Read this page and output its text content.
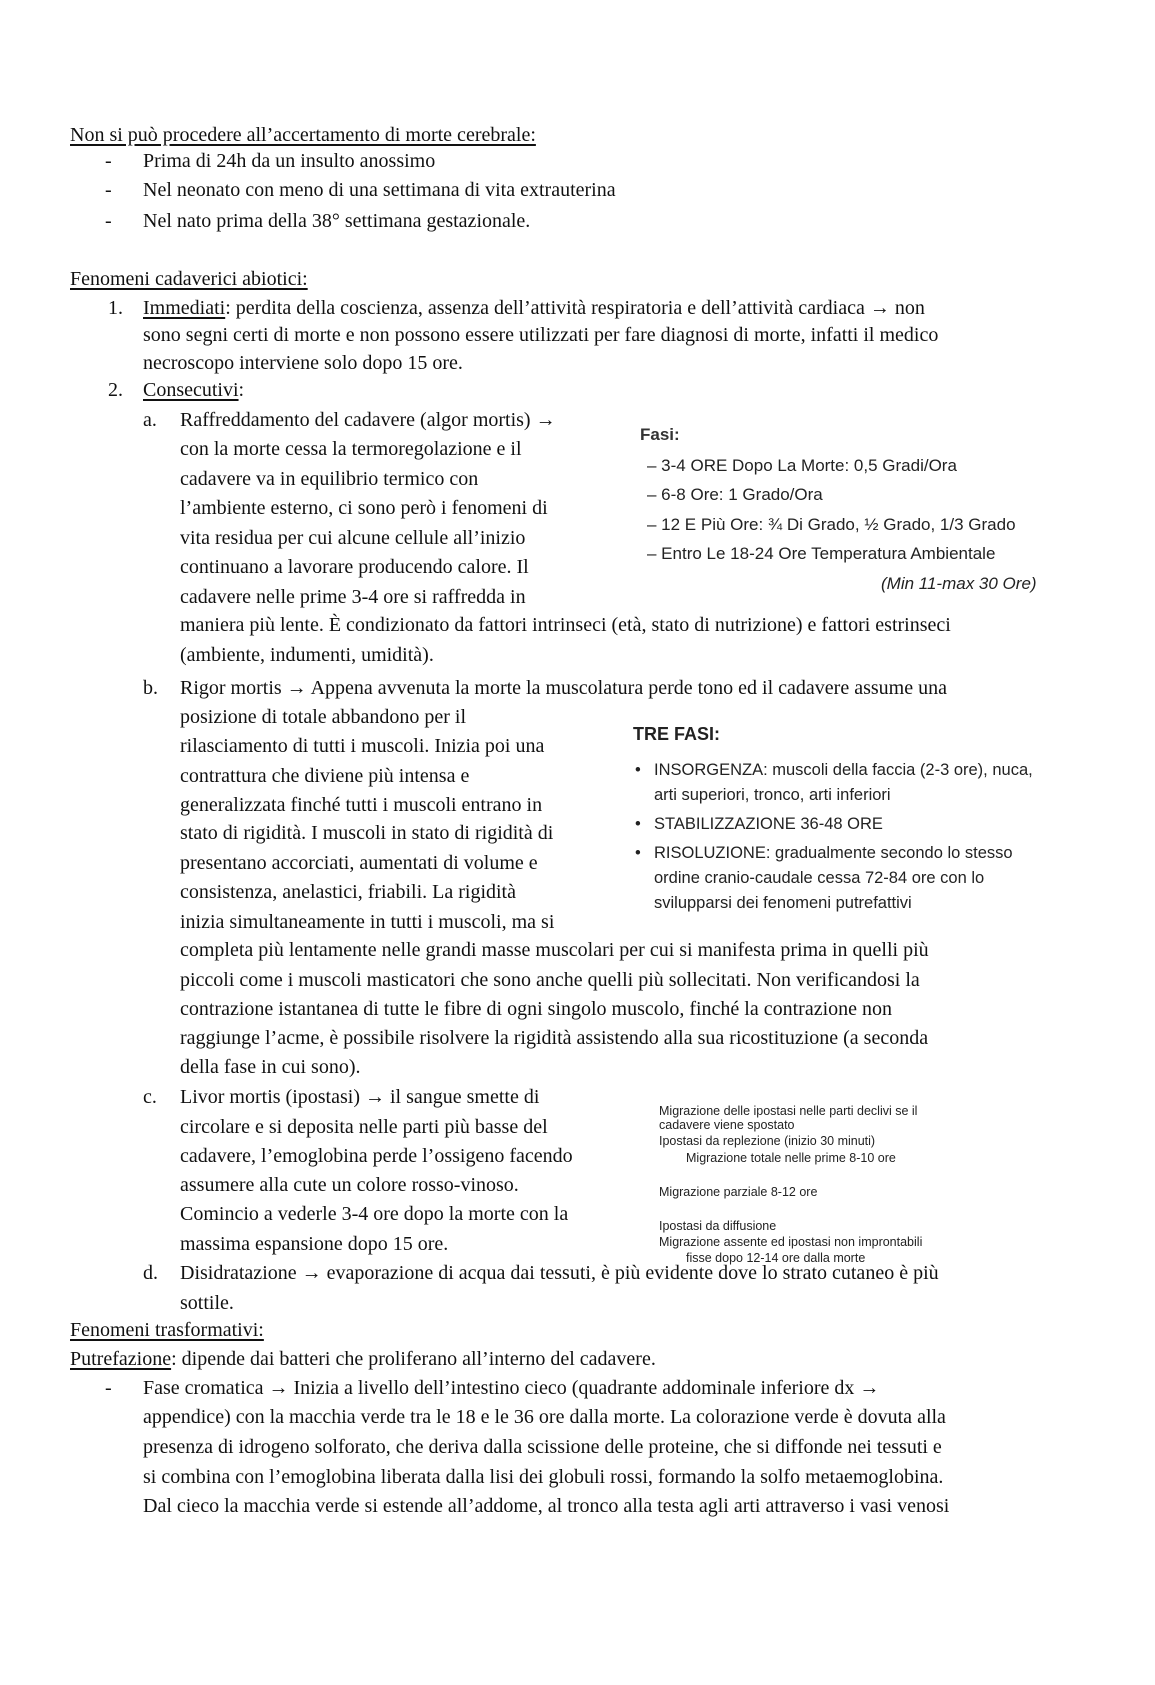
Non si può procedere all’accertamento di morte cerebrale:
- Prima di 24h da un insulto anossimo
- Nel neonato con meno di una settimana di vita extrauterina
- Nel nato prima della 38° settimana gestazionale.
Fenomeni cadaverici abiotici:
1. Immediati: perdita della coscienza, assenza dell’attività respiratoria e dell’attività cardiaca → non
sono segni certi di morte e non possono essere utilizzati per fare diagnosi di morte, infatti il medico
necroscopo interviene solo dopo 15 ore.
2. Consecutivi:
a. Raffreddamento del cadavere (algor mortis) →
con la morte cessa la termoregolazione e il
cadavere va in equilibrio termico con
l’ambiente esterno, ci sono però i fenomeni di
vita residua per cui alcune cellule all’inizio
continuano a lavorare producendo calore. Il
cadavere nelle prime 3-4 ore si raffredda in
maniera più lente. È condizionato da fattori intrinseci (età, stato di nutrizione) e fattori estrinseci
(ambiente, indumenti, umidità).
Fasi:
– 3-4 ORE Dopo La Morte: 0,5 Gradi/Ora
– 6-8 Ore: 1 Grado/Ora
– 12 E Più Ore: ¾ Di Grado, ½ Grado, 1/3 Grado
– Entro Le 18-24 Ore Temperatura Ambientale
(Min 11-max 30 Ore)
b. Rigor mortis → Appena avvenuta la morte la muscolatura perde tono ed il cadavere assume una
posizione di totale abbandono per il
rilasciamento di tutti i muscoli. Inizia poi una
contrattura che diviene più intensa e
generalizzata finché tutti i muscoli entrano in
stato di rigidità. I muscoli in stato di rigidità di
presentano accorciati, aumentati di volume e
consistenza, anelastici, friabili. La rigidità
inizia simultaneamente in tutti i muscoli, ma si
completa più lentamente nelle grandi masse muscolari per cui si manifesta prima in quelli più
piccoli come i muscoli masticatori che sono anche quelli più sollecitati. Non verificandosi la
contrazione istantanea di tutte le fibre di ogni singolo muscolo, finché la contrazione non
raggiunge l’acme, è possibile risolvere la rigidità assistendo alla sua ricostituzione (a seconda
della fase in cui sono).
TRE FASI:
• INSORGENZA: muscoli della faccia (2-3 ore), nuca,
arti superiori, tronco, arti inferiori
• STABILIZZAZIONE 36-48 ORE
• RISOLUZIONE: gradualmente secondo lo stesso
ordine cranio-caudale cessa 72-84 ore con lo
svilupparsi dei fenomeni putrefattivi
c. Livor mortis (ipostasi) → il sangue smette di
circolare e si deposita nelle parti più basse del
cadavere, l’emoglobina perde l’ossigeno facendo
assumere alla cute un colore rosso-vinoso.
Comincio a vederle 3-4 ore dopo la morte con la
massima espansione dopo 15 ore.
Migrazione delle ipostasi nelle parti declivi se il
cadavere viene spostato
Ipostasi da replezione (inizio 30 minuti)
Migrazione totale nelle prime 8-10 ore
Migrazione parziale 8-12 ore
Ipostasi da diffusione
Migrazione assente ed ipostasi non improntabili
fisse dopo 12-14 ore dalla morte
d. Disidratazione → evaporazione di acqua dai tessuti, è più evidente dove lo strato cutaneo è più
sottile.
Fenomeni trasformativi:
Putrefazione: dipende dai batteri che proliferano all’interno del cadavere.
- Fase cromatica → Inizia a livello dell’intestino cieco (quadrante addominale inferiore dx →
appendice) con la macchia verde tra le 18 e le 36 ore dalla morte. La colorazione verde è dovuta alla
presenza di idrogeno solforato, che deriva dalla scissione delle proteine, che si diffonde nei tessuti e
si combina con l’emoglobina liberata dalla lisi dei globuli rossi, formando la solfo metaemoglobina.
Dal cieco la macchia verde si estende all’addome, al tronco alla testa agli arti attraverso i vasi venosi
